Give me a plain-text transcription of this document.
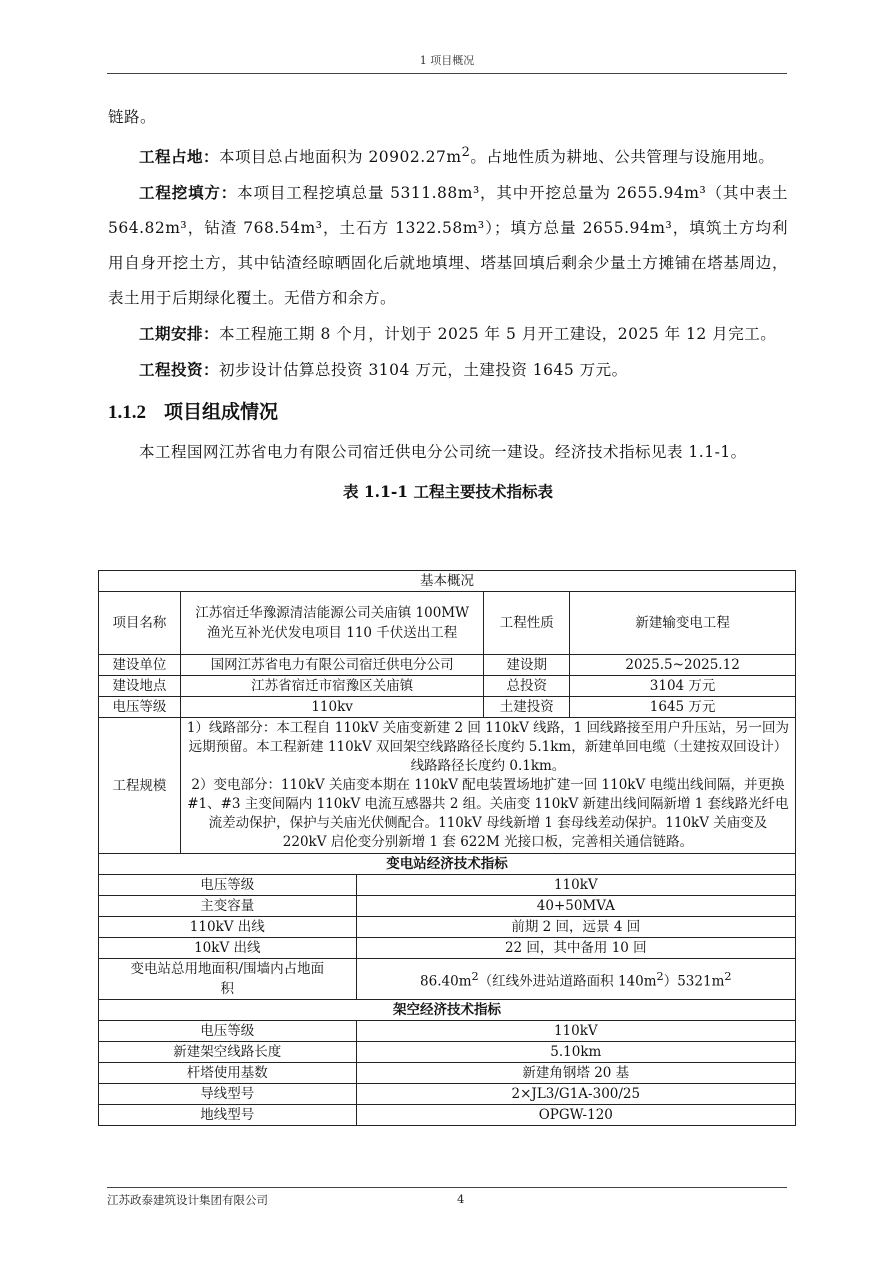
1 项目概况

链路。

工程占地：本项目总占地面积为 $20902.27m^2$。占地性质为耕地、公共管理与设施用地。

工程挖填方：本项目工程挖填总量 5311.88m³，其中开挖总量为 2655.94m³（其中表土 564.82m³，钻渣 768.54m³，土石方 1322.58m³）；填方总量 2655.94m³，填筑土方均利用自身开挖土方，其中钻渣经晾晒固化后就地填埋、塔基回填后剩余少量土方摊铺在塔基周边，表土用于后期绿化覆土。无借方和余方。

工期安排：本工程施工期 8 个月，计划于 2025 年 5 月开工建设，2025 年 12 月完工。

工程投资：初步设计估算总投资 3104 万元，土建投资 1645 万元。

1.1.2 项目组成情况

本工程国网江苏省电力有限公司宿迁供电分公司统一建设。经济技术指标见表 1.1-1。

表 1.1-1 工程主要技术指标表
基本概况				
项目名称	江苏宿迁华豫源清洁能源公司关庙镇 100MW 渔光互补光伏发电项目 110 千伏送出工程		工程性质	新建输变电工程
建设单位	国网江苏省电力有限公司宿迁供电分公司		建设期	2025.5~2025.12
建设地点	江苏省宿迁市宿豫区关庙镇		总投资	3104 万元
电压等级	110kv		土建投资	1645 万元
工程规模	1）线路部分：本工程自 110kV 关庙变新建 2 回 110kV 线路，1 回线路接至用户升压站，另一回为远期预留。本工程新建 110kV 双回架空线路路径长度约 5.1km，新建单回电缆（土建按双回设计）线路路径长度约 0.1km。
2）变电部分：110kV 关庙变本期在 110kV 配电装置场地扩建一回 110kV 电缆出线间隔，并更换#1、#3 主变间隔内 110kV 电流互感器共 2 组。关庙变 110kV 新建出线间隔新增 1 套线路光纤电流差动保护，保护与关庙光伏侧配合。110kV 母线新增 1 套母线差动保护。110kV 关庙变及 220kV 启伦变分别新增 1 套 622M 光接口板，完善相关通信链路。			

变电站经济技术指标				
电压等级		110kV		
主变容量		40+50MVA		
110kV 出线		前期 2 回，远景 4 回		
10kV 出线		22 回，其中备用 10 回		
变电站总用地面积/围墙内占地面积		$86.40m^2$（红线外进站道路面积 $140m^2)5321m^2$
架空经济技术指标				
电压等级		110kV		
新建架空线路长度		5.10km		
杆塔使用基数		新建角钢塔 20 基		
导线型号		2×JL3/G1A-300/25		
地线型号		OPGW-120		
江苏政泰建筑设计集团有限公司	4
